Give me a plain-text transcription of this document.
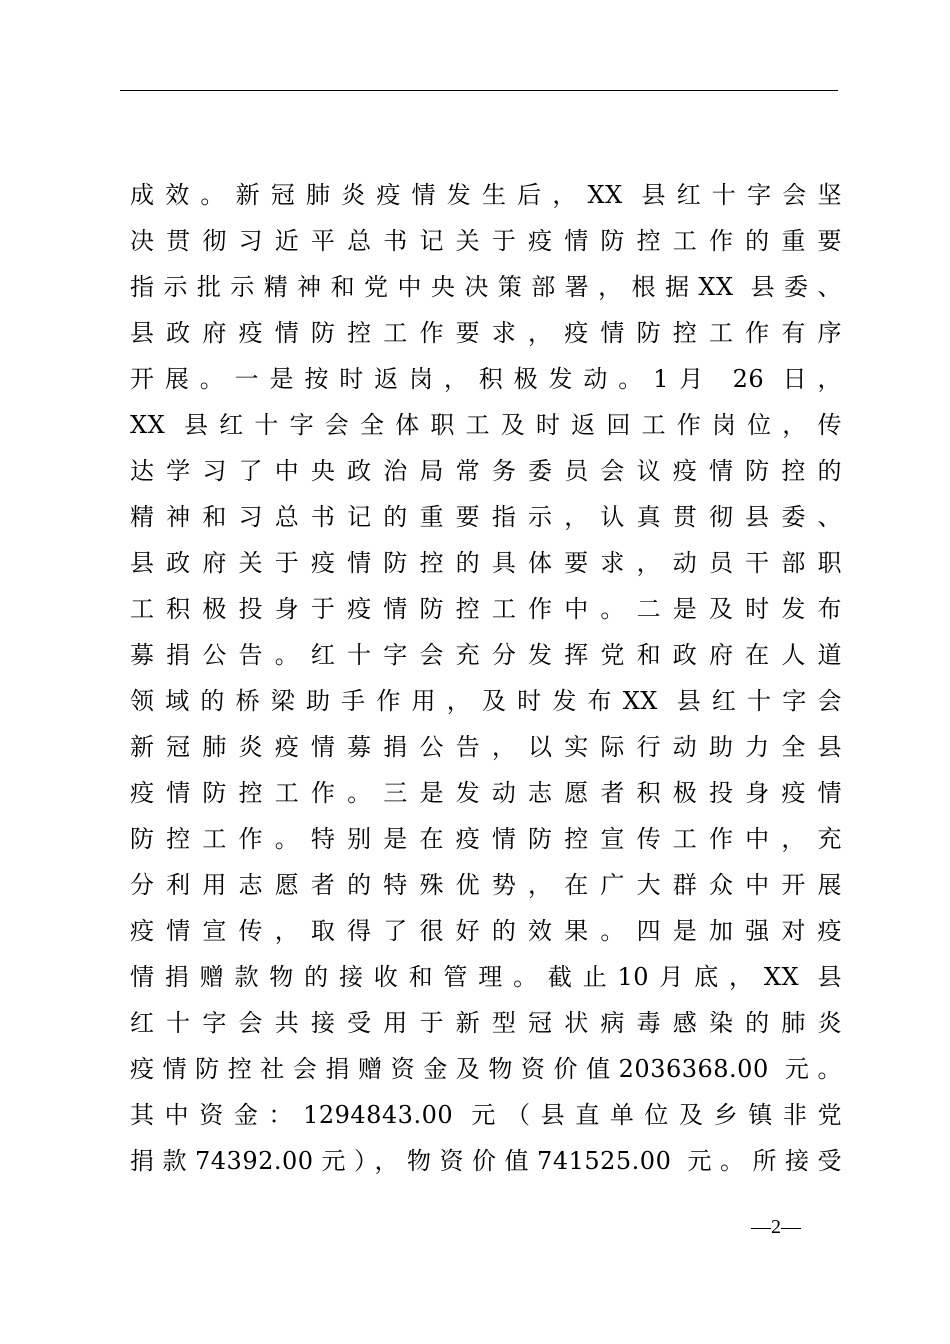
成效。新冠肺炎疫情发生后，XX 县红十字会坚
决贯彻习近平总书记关于疫情防控工作的重要
指示批示精神和党中央决策部署，根据XX 县委、
县政府疫情防控工作要求，疫情防控工作有序
开展。一是按时返岗，积极发动。1月 26 日，
XX 县红十字会全体职工及时返回工作岗位，传
达学习了中央政治局常务委员会议疫情防控的
精神和习总书记的重要指示，认真贯彻县委、
县政府关于疫情防控的具体要求，动员干部职
工积极投身于疫情防控工作中。二是及时发布
募捐公告。红十字会充分发挥党和政府在人道
领域的桥梁助手作用，及时发布XX 县红十字会
新冠肺炎疫情募捐公告，以实际行动助力全县
疫情防控工作。三是发动志愿者积极投身疫情
防控工作。特别是在疫情防控宣传工作中，充
分利用志愿者的特殊优势，在广大群众中开展
疫情宣传，取得了很好的效果。四是加强对疫
情捐赠款物的接收和管理。截止10月底，XX 县
红十字会共接受用于新型冠状病毒感染的肺炎
疫情防控社会捐赠资金及物资价值2036368.00 元。
其中资金：1294843.00 元（县直单位及乡镇非党
捐款74392.00元），物资价值741525.00 元。所接受
—2—
